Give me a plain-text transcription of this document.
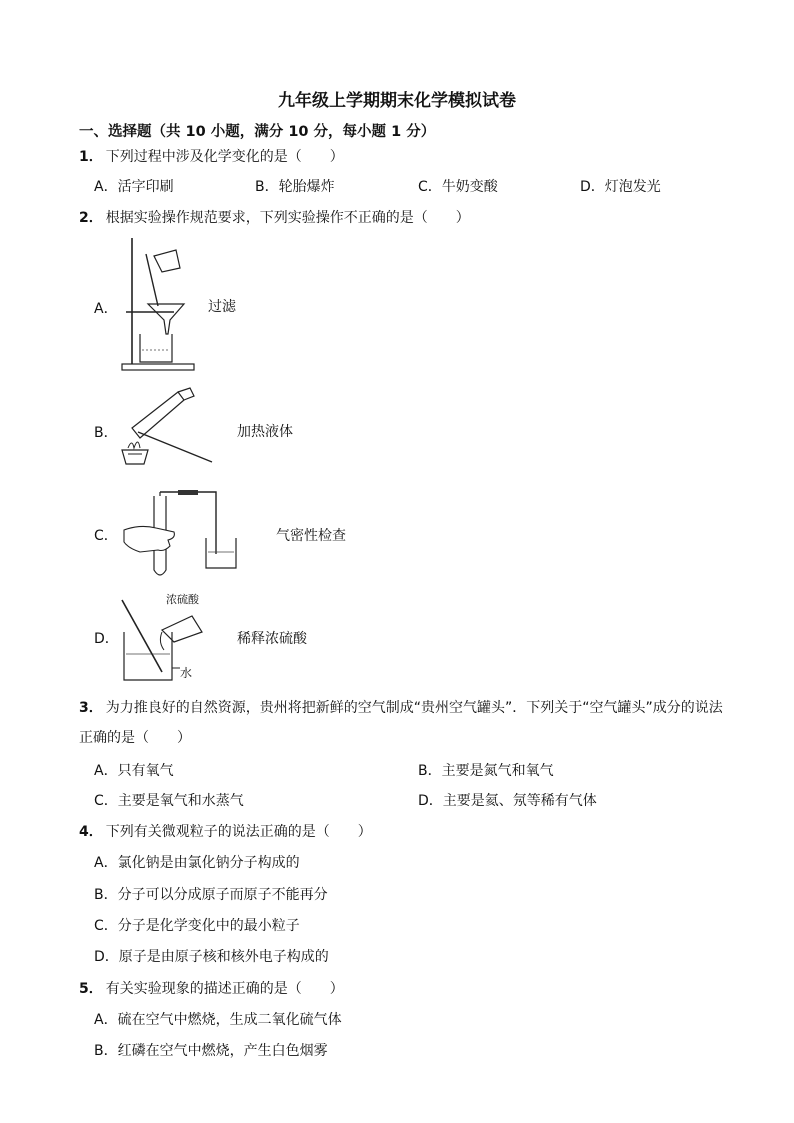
九年级上学期期末化学模拟试卷
一、选择题（共 10 小题，满分 10 分，每小题 1 分）
1． 下列过程中涉及化学变化的是（　　）
A．活字印刷	B．轮胎爆炸	C．牛奶变酸	D．灯泡发光
2． 根据实验操作规范要求，下列实验操作不正确的是（　　）
A．	过滤
B．	加热液体
C．	气密性检查
D．
浓硫酸
水
稀释浓硫酸
3． 为力推良好的自然资源，贵州将把新鲜的空气制成“贵州空气罐头”．下列关于“空气罐头”成分的说法
正确的是（　　）
A．只有氧气	B．主要是氮气和氧气
C．主要是氧气和水蒸气	D．主要是氦、氖等稀有气体
4． 下列有关微观粒子的说法正确的是（　　）
A．氯化钠是由氯化钠分子构成的
B．分子可以分成原子而原子不能再分
C．分子是化学变化中的最小粒子
D．原子是由原子核和核外电子构成的
5． 有关实验现象的描述正确的是（　　）
A．硫在空气中燃烧，生成二氧化硫气体
B．红磷在空气中燃烧，产生白色烟雾
